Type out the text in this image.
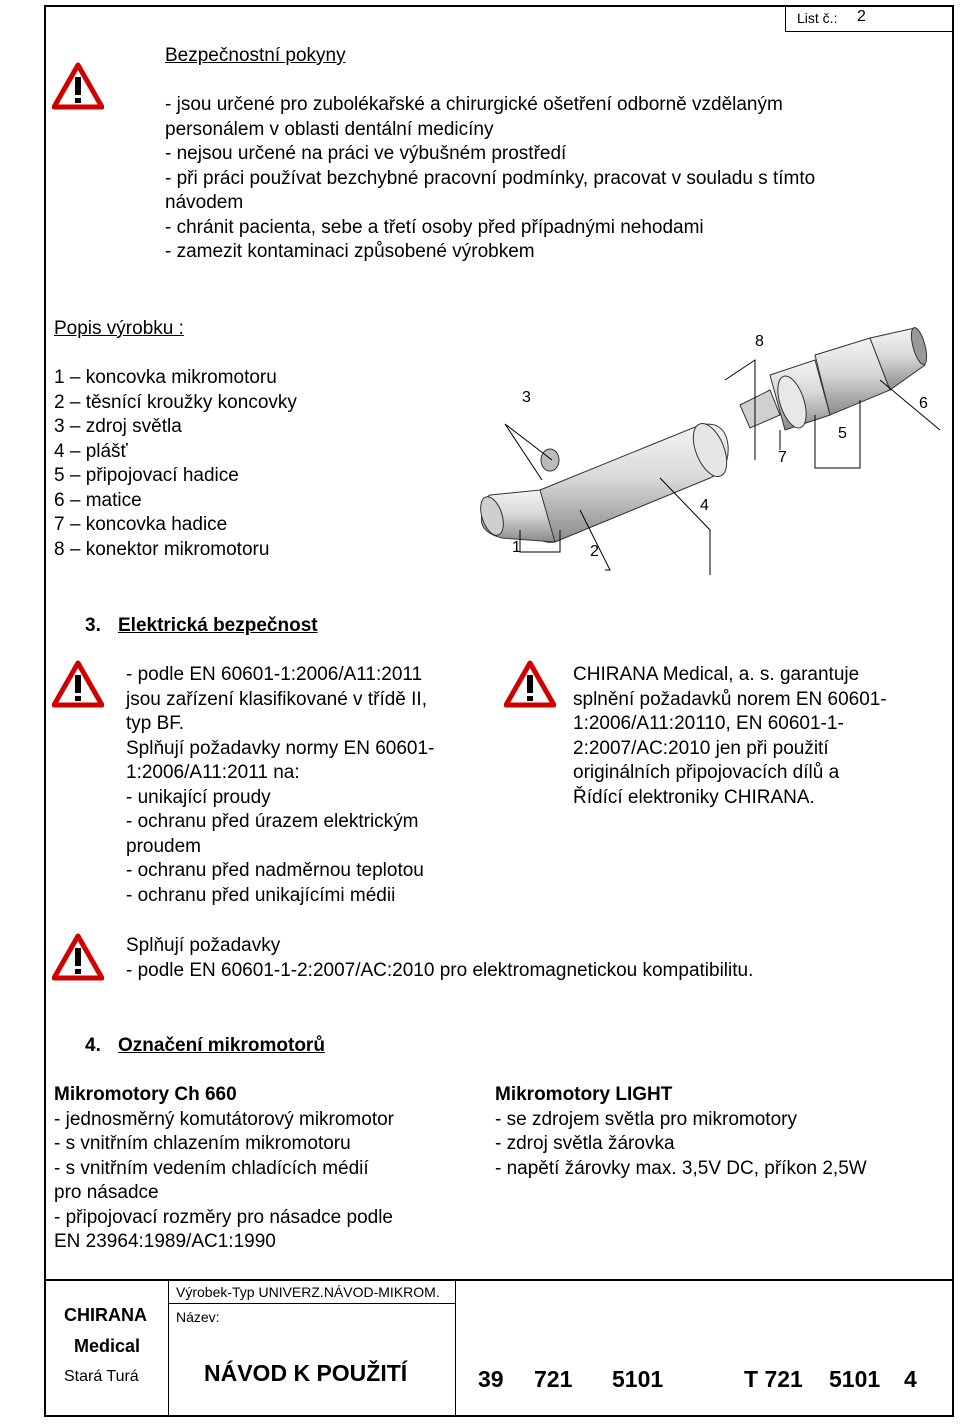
List č.: 2
Bezpečnostní pokyny
- jsou určené pro zubolékařské a chirurgické ošetření odborně vzdělaným
personálem v oblasti dentální medicíny
- nejsou určené na práci ve výbušném prostředí
- při práci používat bezchybné pracovní podmínky, pracovat v souladu s tímto
návodem
- chránit pacienta, sebe a třetí osoby před případnými nehodami
- zamezit kontaminaci způsobené výrobkem
Popis výrobku :
1 – koncovka mikromotoru
2 – těsnící kroužky koncovky
3 – zdroj světla
4 – plášť
5 – připojovací hadice
6 – matice
7 – koncovka hadice
8 – konektor mikromotoru
3
1	2
4
8
7
5
6
3. Elektrická bezpečnost
- podle EN 60601-1:2006/A11:2011
jsou zařízení klasifikované v třídě II,
typ BF.
Splňují požadavky normy EN 60601-
1:2006/A11:2011 na:
- unikající proudy
- ochranu před úrazem elektrickým
proudem
- ochranu před nadměrnou teplotou
- ochranu před unikajícími médii
CHIRANA Medical, a. s. garantuje
splnění požadavků norem EN 60601-
1:2006/A11:20110, EN 60601-1-
2:2007/AC:2010 jen při použití
originálních připojovacích dílů a
Řídící elektroniky CHIRANA.
Splňují požadavky
- podle EN 60601-1-2:2007/AC:2010 pro elektromagnetickou kompatibilitu.
4. Označení mikromotorů
Mikromotory Ch 660
- jednosměrný komutátorový mikromotor
- s vnitřním chlazením mikromotoru
- s vnitřním vedením chladících médií
pro násadce
- připojovací rozměry pro násadce podle
EN 23964:1989/AC1:1990
Mikromotory LIGHT
- se zdrojem světla pro mikromotory
- zdroj světla žárovka
- napětí žárovky max. 3,5V DC, příkon 2,5W
CHIRANA
Medical
Stará Turá
Výrobek-Typ UNIVERZ.NÁVOD-MIKROM.
Název:
NÁVOD K POUŽITÍ	39 721 5101	T 721 5101 4
